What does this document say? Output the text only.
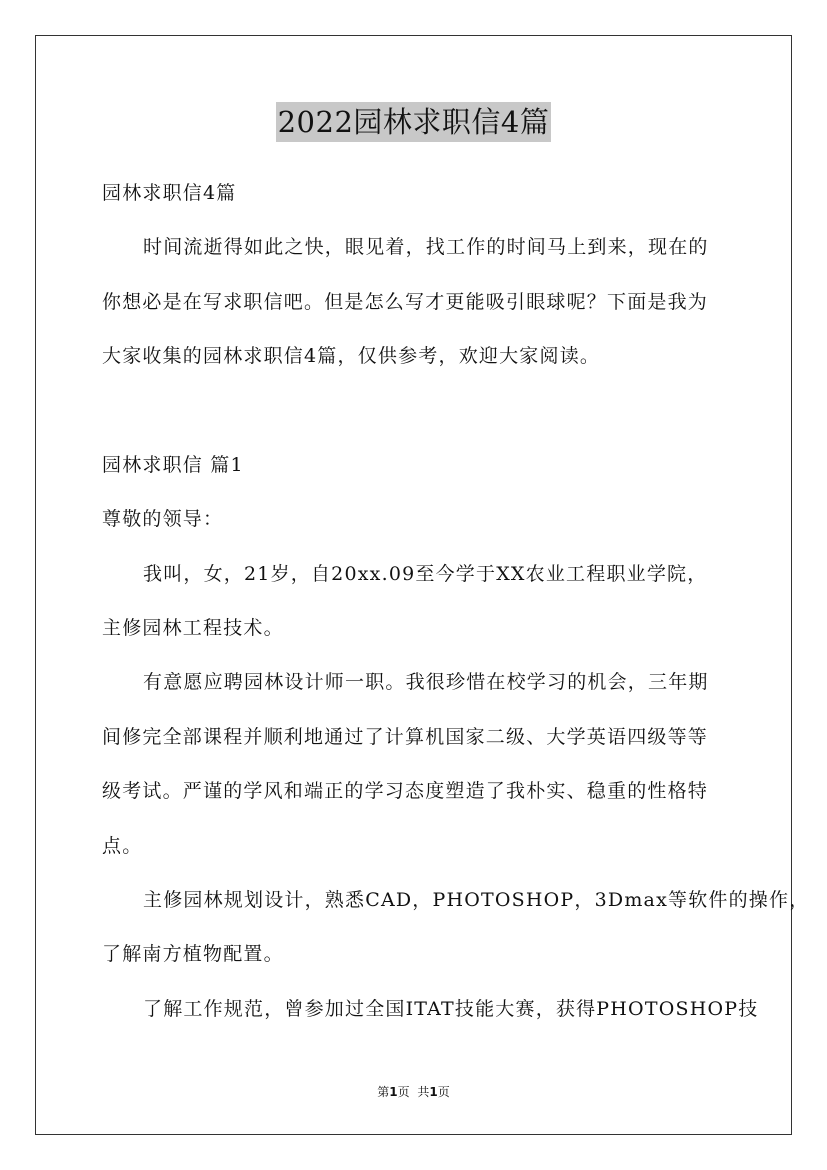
2022园林求职信4篇
园林求职信4篇
时间流逝得如此之快，眼见着，找工作的时间马上到来，现在的
你想必是在写求职信吧。但是怎么写才更能吸引眼球呢？下面是我为
大家收集的园林求职信4篇，仅供参考，欢迎大家阅读。
园林求职信 篇1
尊敬的领导：
我叫，女，21岁，自20xx.09至今学于XX农业工程职业学院，
主修园林工程技术。
有意愿应聘园林设计师一职。我很珍惜在校学习的机会，三年期
间修完全部课程并顺利地通过了计算机国家二级、大学英语四级等等
级考试。严谨的学风和端正的学习态度塑造了我朴实、稳重的性格特
点。
主修园林规划设计，熟悉CAD，PHOTOSHOP，3Dmax等软件的操作，
了解南方植物配置。
了解工作规范，曾参加过全国ITAT技能大赛，获得PHOTOSHOP技
第1页 共1页
